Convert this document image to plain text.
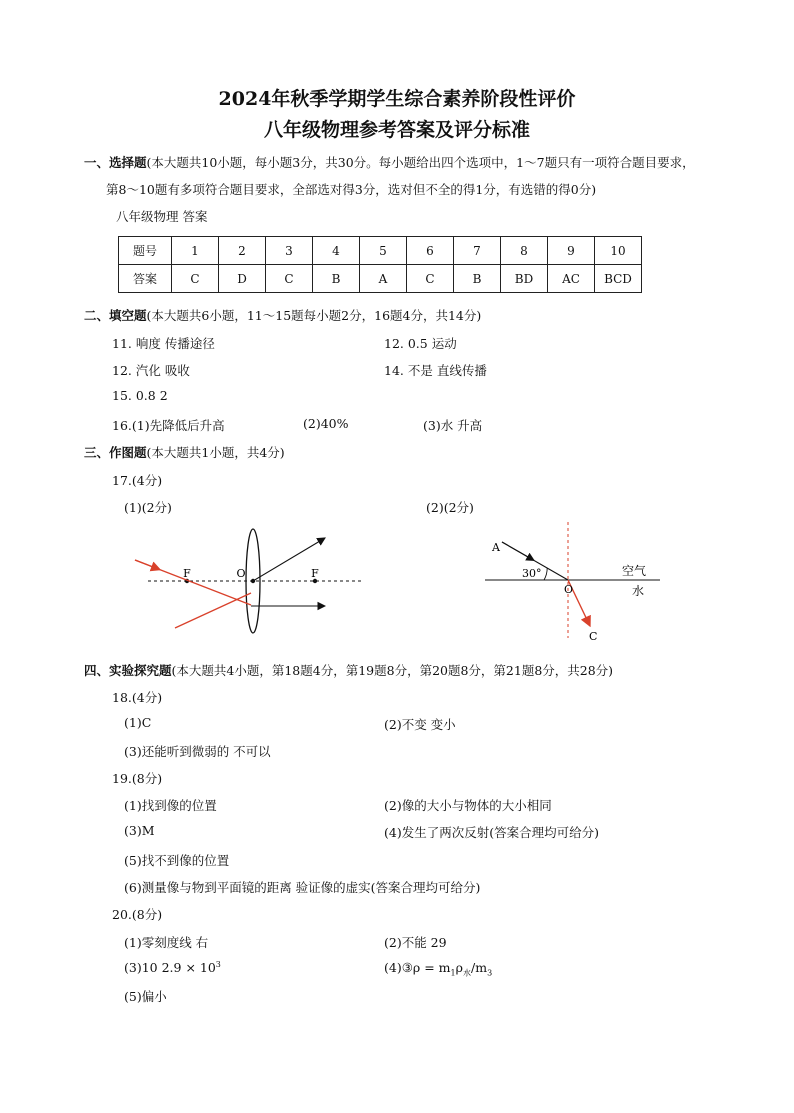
2024年秋季学期学生综合素养阶段性评价
八年级物理参考答案及评分标准
一、选择题(本大题共10小题，每小题3分，共30分。每小题给出四个选项中，1～7题只有一项符合题目要求，
第8～10题有多项符合题目要求，全部选对得3分，选对但不全的得1分，有选错的得0分)
八年级物理 答案
题号	1	2	3	4	5	6	7	8	9	10
答案	C	D	C	B	A	C	B	BD	AC	BCD
二、填空题(本大题共6小题，11～15题每小题2分，16题4分，共14分)
11. 响度 传播途径	12. 0.5 运动
12. 汽化 吸收	14. 不是 直线传播
15. 0.8 2
16.(1)先降低后升高	(2)40%	(3)水 升高
三、作图题(本大题共1小题，共4分)
17.(4分)
(1)(2分)	(2)(2分)
F	O	F
A
30°
O
C
空气
水
四、实验探究题(本大题共4小题，第18题4分，第19题8分，第20题8分，第21题8分，共28分)
18.(4分)
(1)C	(2)不变 变小
(3)还能听到微弱的 不可以
19.(8分)
(1)找到像的位置	(2)像的大小与物体的大小相同
(3)M	(4)发生了两次反射(答案合理均可给分)
(5)找不到像的位置
(6)测量像与物到平面镜的距离 验证像的虚实(答案合理均可给分)
20.(8分)
(1)零刻度线 右	(2)不能 29
(3)10 $2.9 \times 10^3$	(4)③ρ = $m_1\rho_水/m_3$
(5)偏小
